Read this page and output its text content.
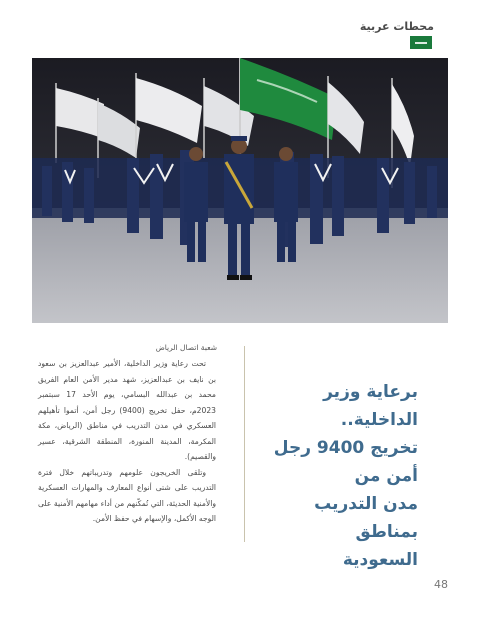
محطات عربية
برعاية وزير الداخلية..
تخريج 9400 رجل أمن من
مدن التدريب بمناطق
السعودية
شعبة اتصال الرياض

تحت رعاية وزير الداخلية، الأمير عبدالعزيز بن سعود بن نايف بن عبدالعزيز، شهد مدير الأمن العام الفريق محمد بن عبدالله البسامي، يوم الأحد 17 سبتمبر 2023م، حفل تخريج (9400) رجل أمن، أتموا تأهيلهم العسكري في مدن التدريب في مناطق (الرياض، مكة المكرمة، المدينة المنورة، المنطقة الشرقية، عسير والقصيم).

وتلقى الخريجون علومهم وتدريباتهم خلال فترة التدريب على شتى أنواع المعارف والمهارات العسكرية والأمنية الحديثة، التي تُمكّنهم من أداء مهامهم الأمنية على الوجه الأكمل، والإسهام في حفظ الأمن.

48
